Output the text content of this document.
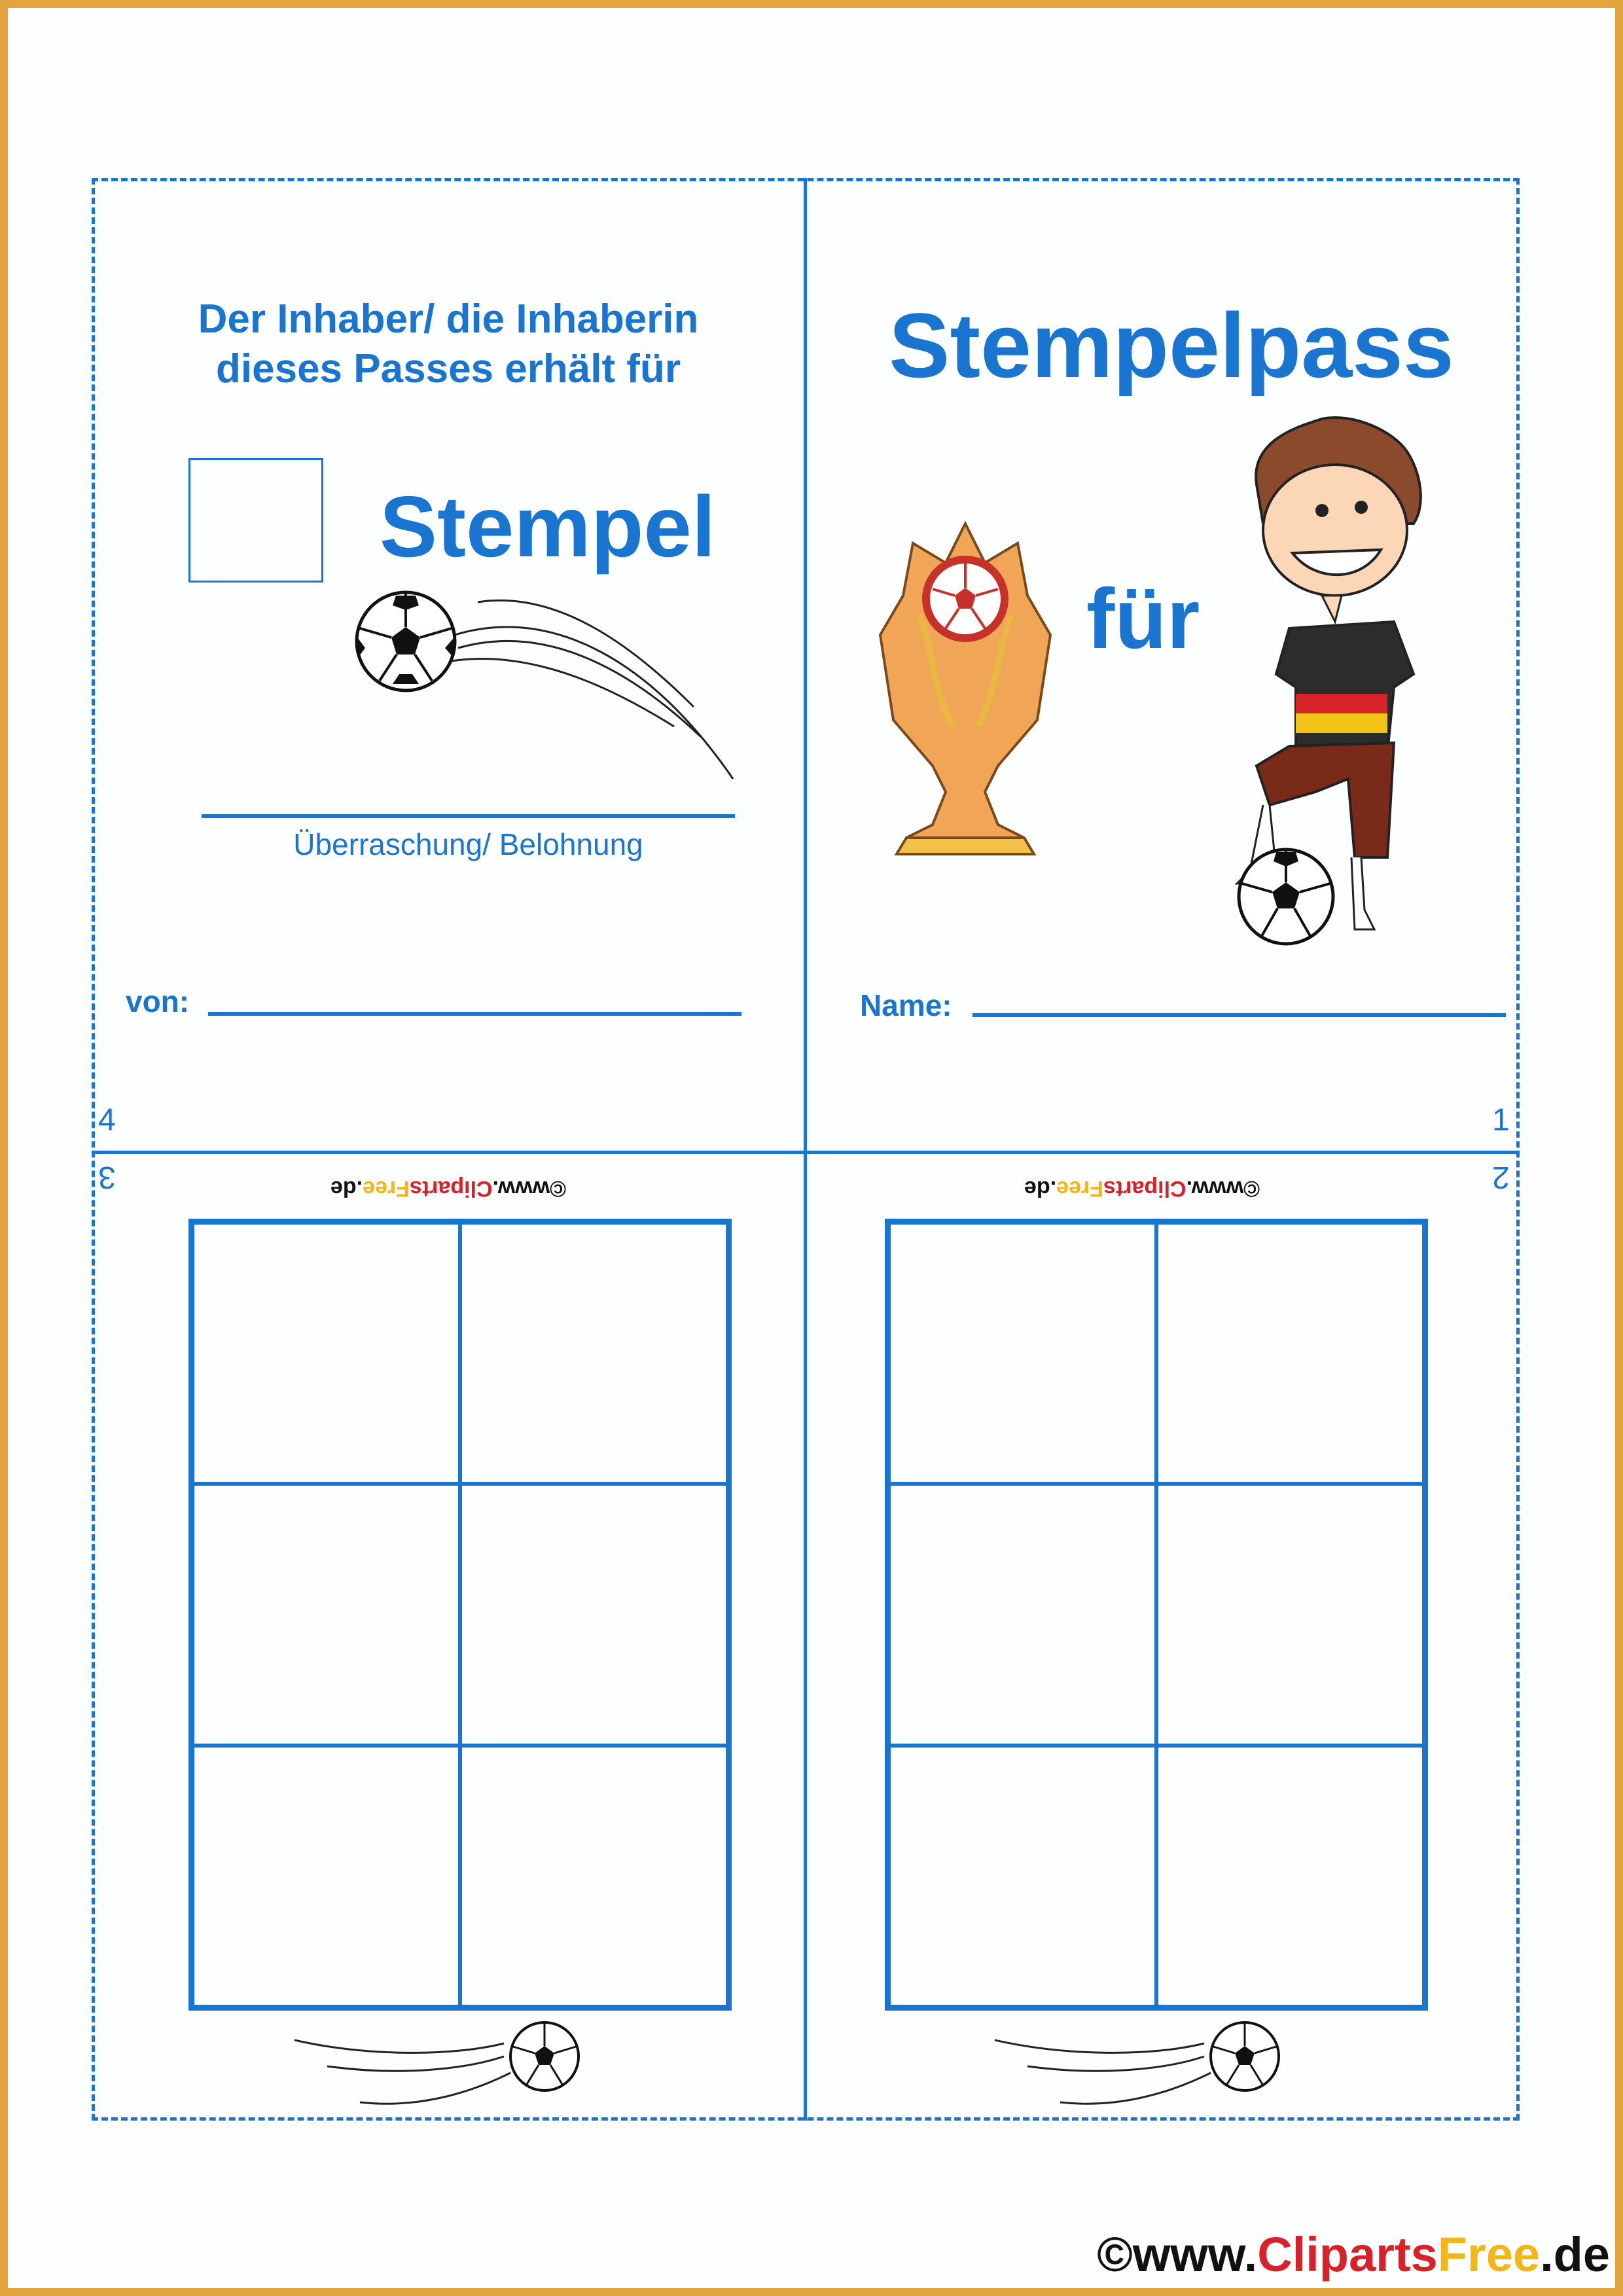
Der Inhaber/ die Inhaberin
dieses Passes erhält für
Stempel
Überraschung/ Belohnung
von:
Stempelpass
für
Name:
4	1
3	2
©www.ClipartsFree.de	©www.ClipartsFree.de
©www.ClipartsFree.de
